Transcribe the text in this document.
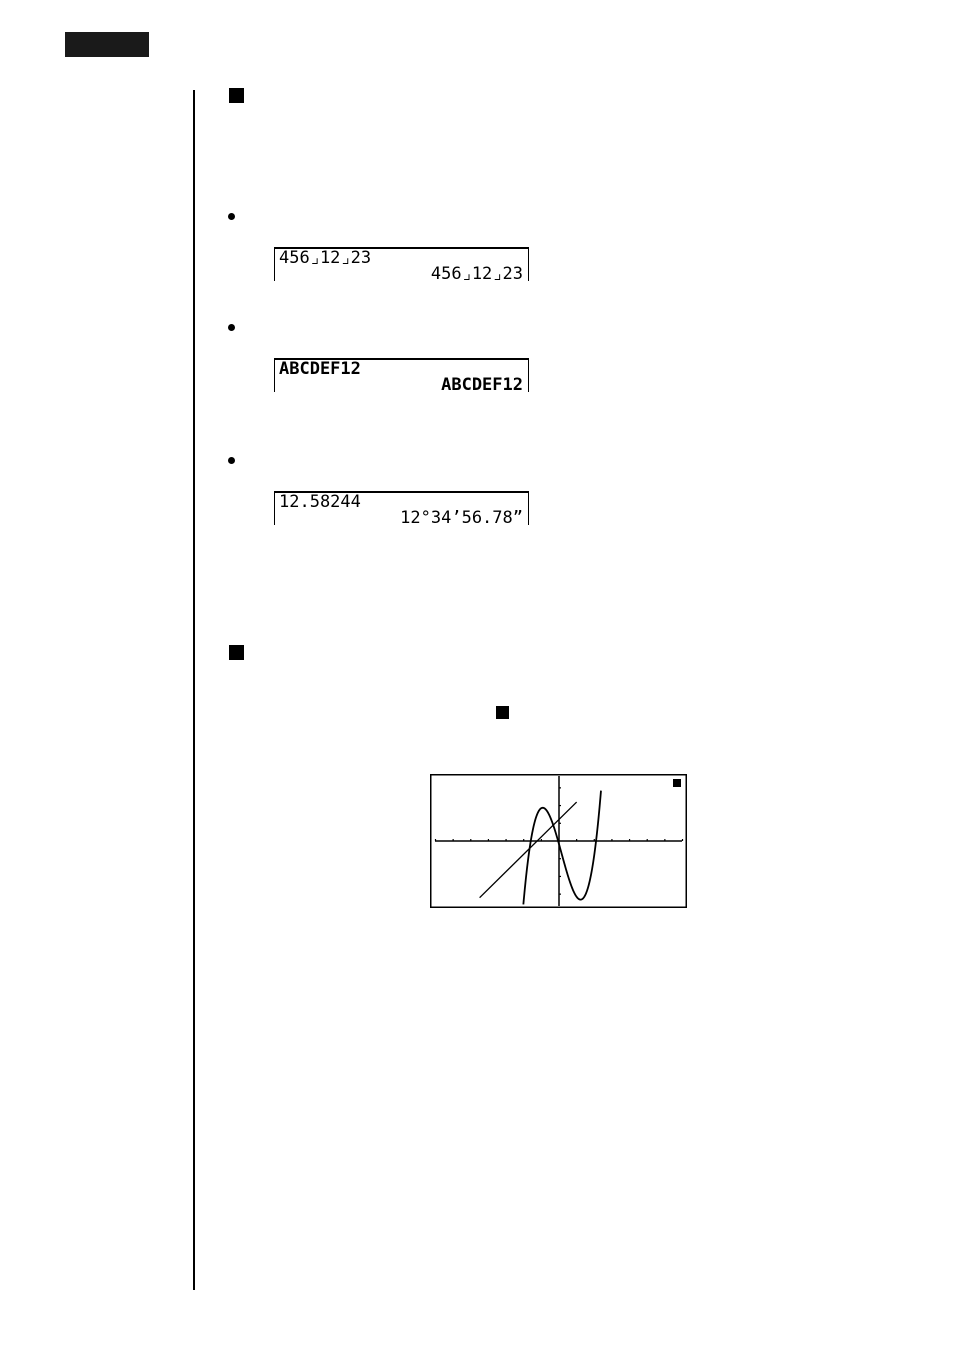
456⌟12⌟23
456⌟12⌟23
ABCDEF12
ABCDEF12
12.58244
12°34’56.78”
